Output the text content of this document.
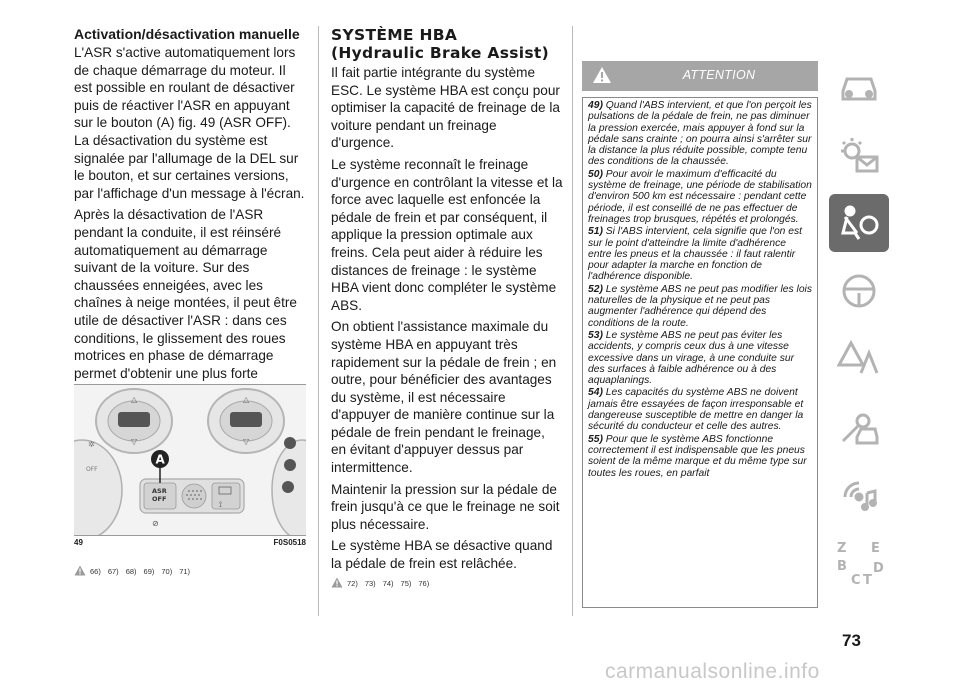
Activation/désactivation manuelle

L'ASR s'active automatiquement lors de chaque démarrage du moteur. Il est possible en roulant de désactiver puis de réactiver l'ASR en appuyant sur le bouton (A) fig. 49 (ASR OFF). La désactivation du système est signalée par l'allumage de la DEL sur le bouton, et sur certaines versions, par l'affichage d'un message à l'écran.

Après la désactivation de l'ASR pendant la conduite, il est réinséré automatiquement au démarrage suivant de la voiture. Sur des chaussées enneigées, avec les chaînes à neige montées, il peut être utile de désactiver l'ASR : dans ces conditions, le glissement des roues motrices en phase de démarrage permet d'obtenir une plus forte

△
▽
△
▽
✲
OFF
ASR
OFF
⊘
⟟
A
49	F0S0518
66) 67) 68) 69) 70) 71)
SYSTÈME HBA
(Hydraulic Brake Assist)

Il fait partie intégrante du système ESC. Le système HBA est conçu pour optimiser la capacité de freinage de la voiture pendant un freinage d'urgence.

Le système reconnaît le freinage d'urgence en contrôlant la vitesse et la force avec laquelle est enfoncée la pédale de frein et par conséquent, il applique la pression optimale aux freins. Cela peut aider à réduire les distances de freinage : le système HBA vient donc compléter le système ABS.

On obtient l'assistance maximale du système HBA en appuyant très rapidement sur la pédale de frein ; en outre, pour bénéficier des avantages du système, il est nécessaire d'appuyer de manière continue sur la pédale de frein pendant le freinage, en évitant d'appuyer dessus par intermittence.

Maintenir la pression sur la pédale de frein jusqu'à ce que le freinage ne soit plus nécessaire.

Le système HBA se désactive quand la pédale de frein est relâchée.

72) 73) 74) 75) 76)
ATTENTION

49) Quand l'ABS intervient, et que l'on perçoit les pulsations de la pédale de frein, ne pas diminuer la pression exercée, mais appuyer à fond sur la pédale sans crainte ; on pourra ainsi s'arrêter sur la distance la plus réduite possible, compte tenu des conditions de la chaussée.

50) Pour avoir le maximum d'efficacité du système de freinage, une période de stabilisation d'environ 500 km est nécessaire : pendant cette période, il est conseillé de ne pas effectuer de freinages trop brusques, répétés et prolongés.

51) Si l'ABS intervient, cela signifie que l'on est sur le point d'atteindre la limite d'adhérence entre les pneus et la chaussée : il faut ralentir pour adapter la marche en fonction de l'adhérence disponible.

52) Le système ABS ne peut pas modifier les lois naturelles de la physique et ne peut pas augmenter l'adhérence qui dépend des conditions de la route.

53) Le système ABS ne peut pas éviter les accidents, y compris ceux dus à une vitesse excessive dans un virage, à une conduite sur des surfaces à faible adhérence ou à des aquaplanings.

54) Les capacités du système ABS ne doivent jamais être essayées de façon irresponsable et dangereuse susceptible de mettre en danger la sécurité du conducteur et celle des autres.

55) Pour que le système ABS fonctionne correctement il est indispensable que les pneus soient de la même marque et du même type sur toutes les roues, en parfait

Z E
B
C T
D
73
carmanualsonline.info
